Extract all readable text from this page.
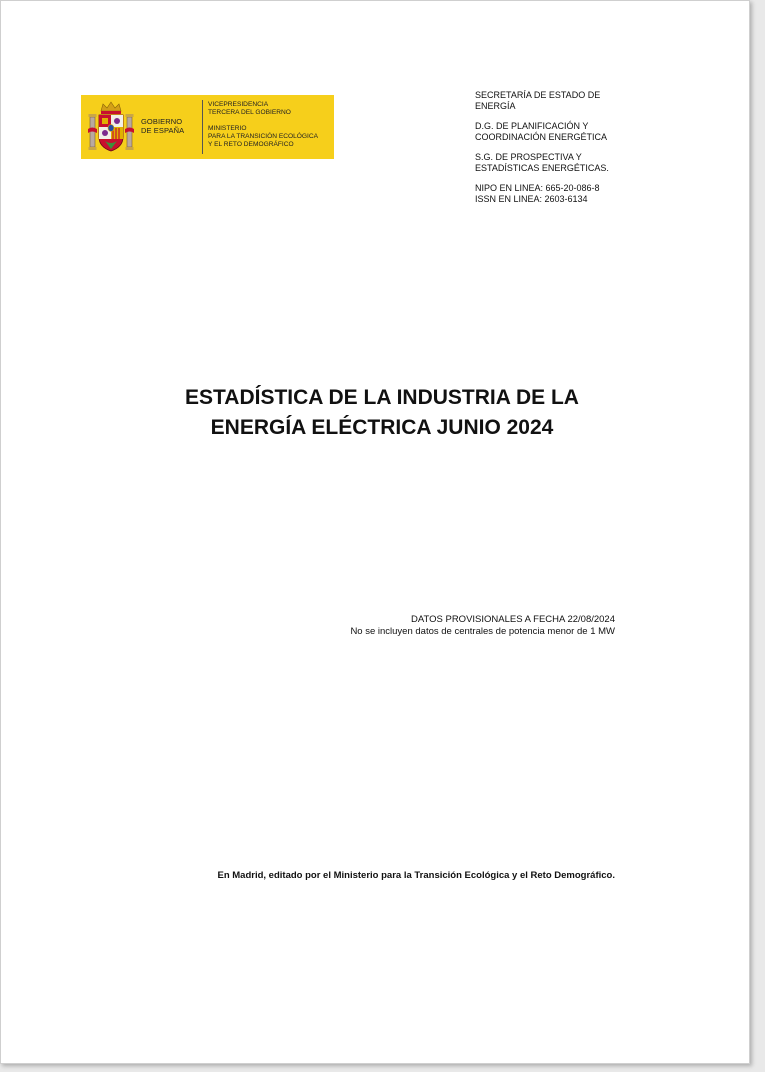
GOBIERNO
DE ESPAÑA
VICEPRESIDENCIA
TERCERA DEL GOBIERNO
MINISTERIO
PARA LA TRANSICIÓN ECOLÓGICA
Y EL RETO DEMOGRÁFICO

SECRETARÍA DE ESTADO DE
ENERGÍA

D.G. DE PLANIFICACIÓN Y
COORDINACIÓN ENERGÉTICA

S.G. DE PROSPECTIVA Y
ESTADÍSTICAS ENERGÉTICAS.

NIPO EN LINEA: 665-20-086-8
ISSN EN LINEA: 2603-6134

ESTADÍSTICA DE LA INDUSTRIA DE LA
ENERGÍA ELÉCTRICA JUNIO 2024
DATOS PROVISIONALES A FECHA 22/08/2024
No se incluyen datos de centrales de potencia menor de 1 MW
En Madrid, editado por el Ministerio para la Transición Ecológica y el Reto Demográfico.
